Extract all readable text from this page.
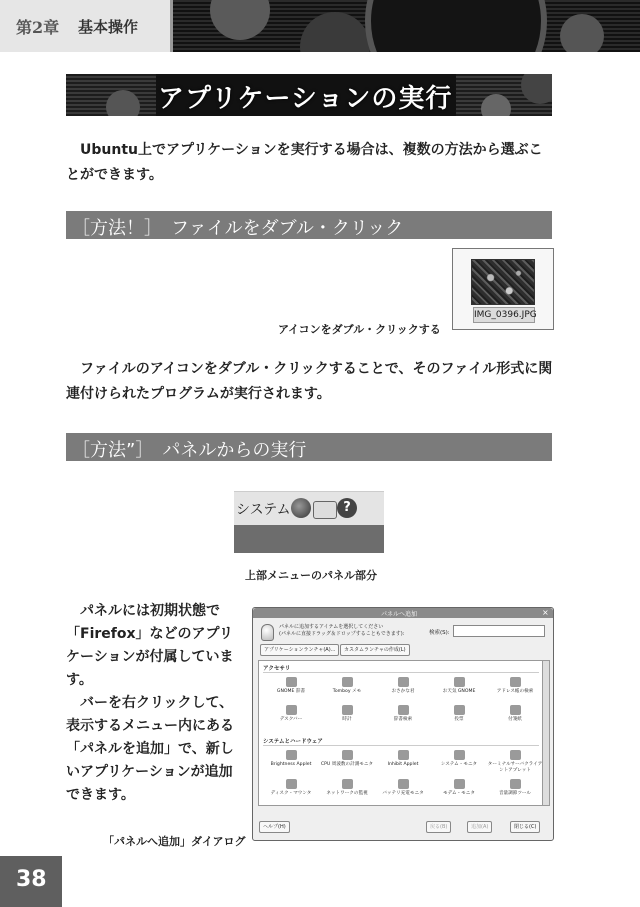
第2章 基本操作
アプリケーションの実行
Ubuntu上でアプリケーションを実行する場合は、複数の方法から選ぶことができます。
［方法！］　ファイルをダブル・クリック
IMG_0396.JPG
アイコンをダブル・クリックする
ファイルのアイコンをダブル・クリックすることで、そのファイル形式に関連付けられたプログラムが実行されます。
［方法”］　パネルからの実行
システム	?
上部メニューのパネル部分

パネルには初期状態で「Firefox」などのアプリケーションが付属しています。

バーを右クリックして、表示するメニュー内にある「パネルを追加」で、新しいアプリケーションが追加できます。

パネルへ追加	×
パネルに追加するアイテムを選択してください
(パネルに直接ドラッグ＆ドロップすることもできます):	検索(S):
アプリケーションランチャ(A)...	カスタムランチャの作成(L)
アクセサリ
GNOME 辞書	Tomboy メモ	おさかな君	お天気 GNOME	アドレス帳の検索
デスクバー	時計	辞書検索	投票	付箋紙
システムとハードウェア
Brightness Applet	CPU 周波数の計測モニタ	Inhibit Applet	システム・モニタ	ターミナルサーバクライアントアプレット
ディスク・マウンタ	ネットワークの監視	バッテリ充電モニタ	モデム・モニタ	音量調節ツール
ヘルプ(H)	戻る(B)	追加(A)	閉じる(C)
「パネルへ追加」ダイアログ
38
